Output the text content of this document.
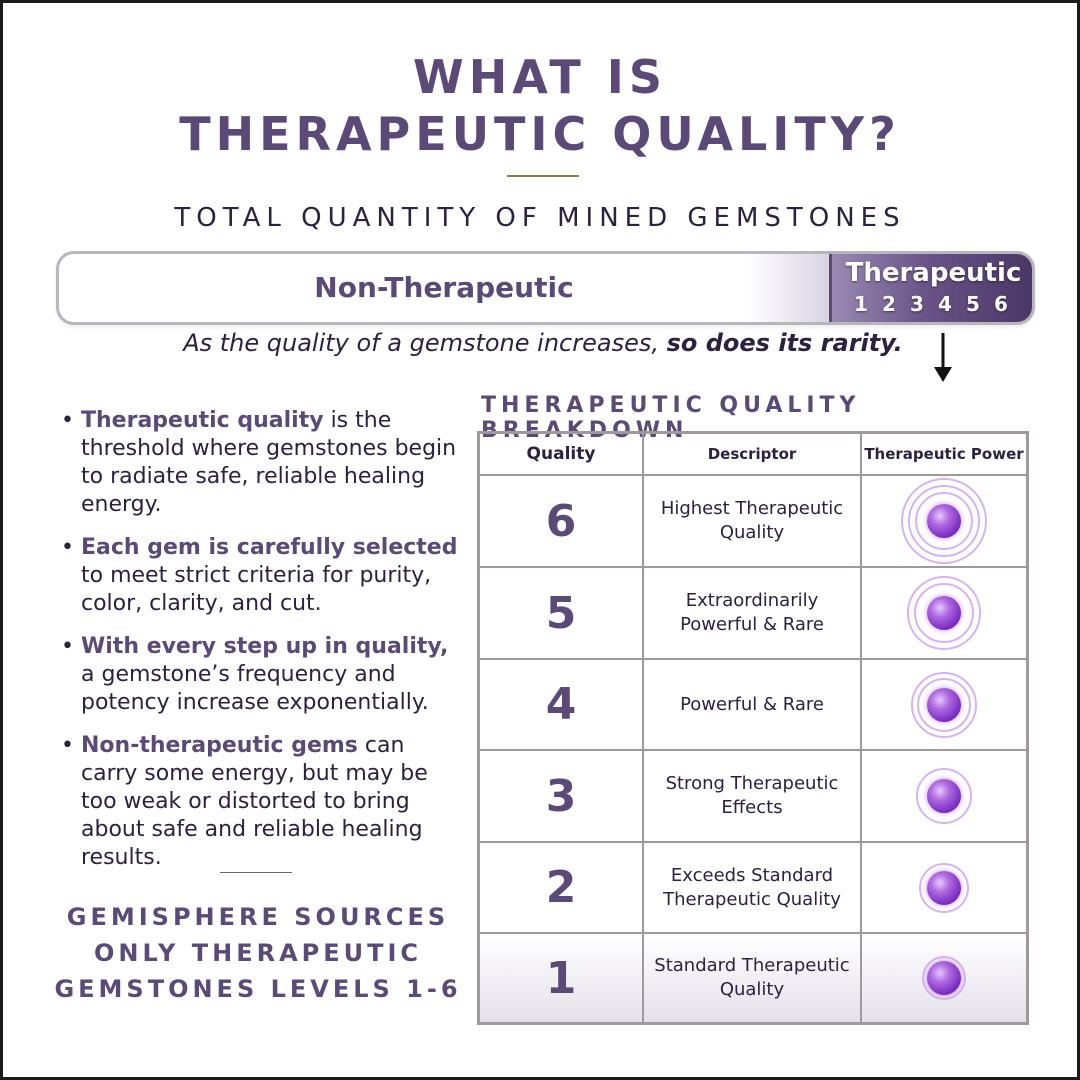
WHAT IS
THERAPEUTIC QUALITY?
TOTAL QUANTITY OF MINED GEMSTONES
Non-Therapeutic	Therapeutic
1 2 3 4 5 6
As the quality of a gemstone increases, so does its rarity.
THERAPEUTIC QUALITY BREAKDOWN
Quality	Descriptor	Therapeutic Power
6	Highest Therapeutic Quality
5	Extraordinarily Powerful & Rare
4	Powerful & Rare
3	Strong Therapeutic Effects
2	Exceeds Standard Therapeutic Quality
1	Standard Therapeutic Quality
• Therapeutic quality is the threshold where gemstones begin to radiate safe, reliable healing energy.
• Each gem is carefully selected to meet strict criteria for purity, color, clarity, and cut.
• With every step up in quality, a gemstone’s frequency and potency increase exponentially.
• Non-therapeutic gems can carry some energy, but may be too weak or distorted to bring about safe and reliable healing results.
GEMISPHERE SOURCES
ONLY THERAPEUTIC
GEMSTONES LEVELS 1-6
